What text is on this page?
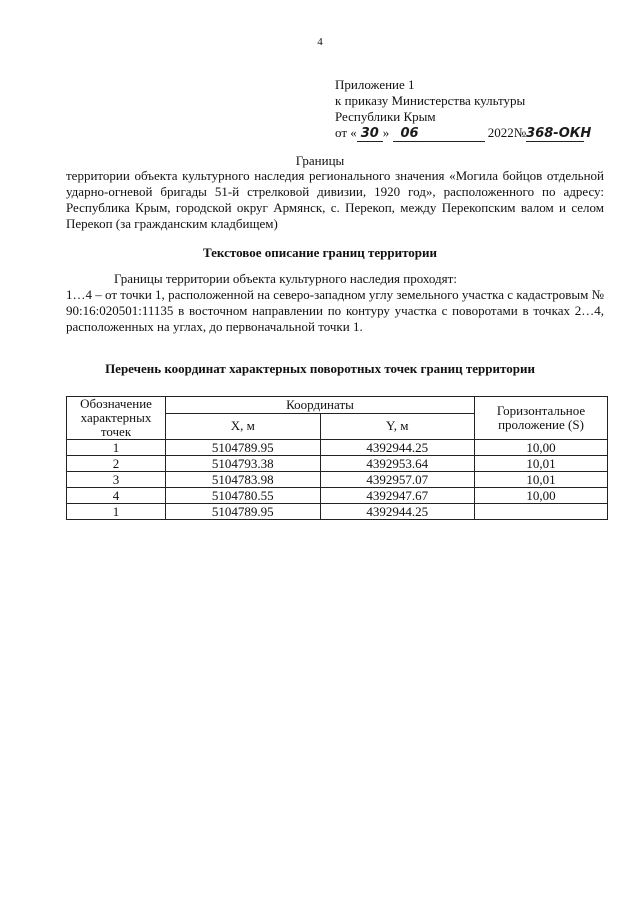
4
Приложение 1
к приказу Министерства культуры
Республики Крым
от « 30 » 06	2022№368-ОКН
Границы
территории объекта культурного наследия регионального значения «Могила бойцов отдельной ударно-огневой бригады 51-й стрелковой дивизии, 1920 год», расположенного по адресу: Республика Крым, городской округ Армянск, с. Перекоп, между Перекопским валом и селом Перекоп (за гражданским кладбищем)
Текстовое описание границ территории
Границы территории объекта культурного наследия проходят:
1…4 – от точки 1, расположенной на северо-западном углу земельного участка с кадастровым № 90:16:020501:11135 в восточном направлении по контуру участка с поворотами в точках 2…4, расположенных на углах, до первоначальной точки 1.
Перечень координат характерных поворотных точек границ территории
Обозначение характерных точек	Координаты		Горизонтальное проложение (S)
	X, м	Y, м	
1	5104789.95	4392944.25	10,00
2	5104793.38	4392953.64	10,01
3	5104783.98	4392957.07	10,01
4	5104780.55	4392947.67	10,00
1	5104789.95	4392944.25	
